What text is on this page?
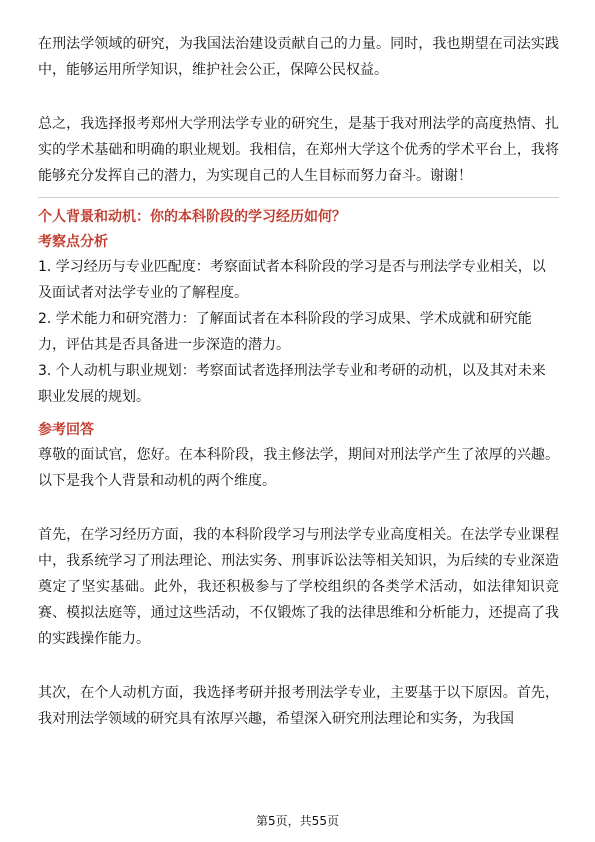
在刑法学领域的研究，为我国法治建设贡献自己的力量。同时，我也期望在司法实践中，能够运用所学知识，维护社会公正，保障公民权益。

总之，我选择报考郑州大学刑法学专业的研究生，是基于我对刑法学的高度热情、扎实的学术基础和明确的职业规划。我相信，在郑州大学这个优秀的学术平台上，我将能够充分发挥自己的潜力，为实现自己的人生目标而努力奋斗。谢谢！

个人背景和动机：你的本科阶段的学习经历如何？

考察点分析

1. 学习经历与专业匹配度：考察面试者本科阶段的学习是否与刑法学专业相关，以及面试者对法学专业的了解程度。

2. 学术能力和研究潜力：了解面试者在本科阶段的学习成果、学术成就和研究能力，评估其是否具备进一步深造的潜力。

3. 个人动机与职业规划：考察面试者选择刑法学专业和考研的动机，以及其对未来职业发展的规划。

参考回答

尊敬的面试官，您好。在本科阶段，我主修法学，期间对刑法学产生了浓厚的兴趣。以下是我个人背景和动机的两个维度。

首先，在学习经历方面，我的本科阶段学习与刑法学专业高度相关。在法学专业课程中，我系统学习了刑法理论、刑法实务、刑事诉讼法等相关知识，为后续的专业深造奠定了坚实基础。此外，我还积极参与了学校组织的各类学术活动，如法律知识竞赛、模拟法庭等，通过这些活动，不仅锻炼了我的法律思维和分析能力，还提高了我的实践操作能力。

其次，在个人动机方面，我选择考研并报考刑法学专业，主要基于以下原因。首先，我对刑法学领域的研究具有浓厚兴趣，希望深入研究刑法理论和实务，为我国

第5页，共55页
